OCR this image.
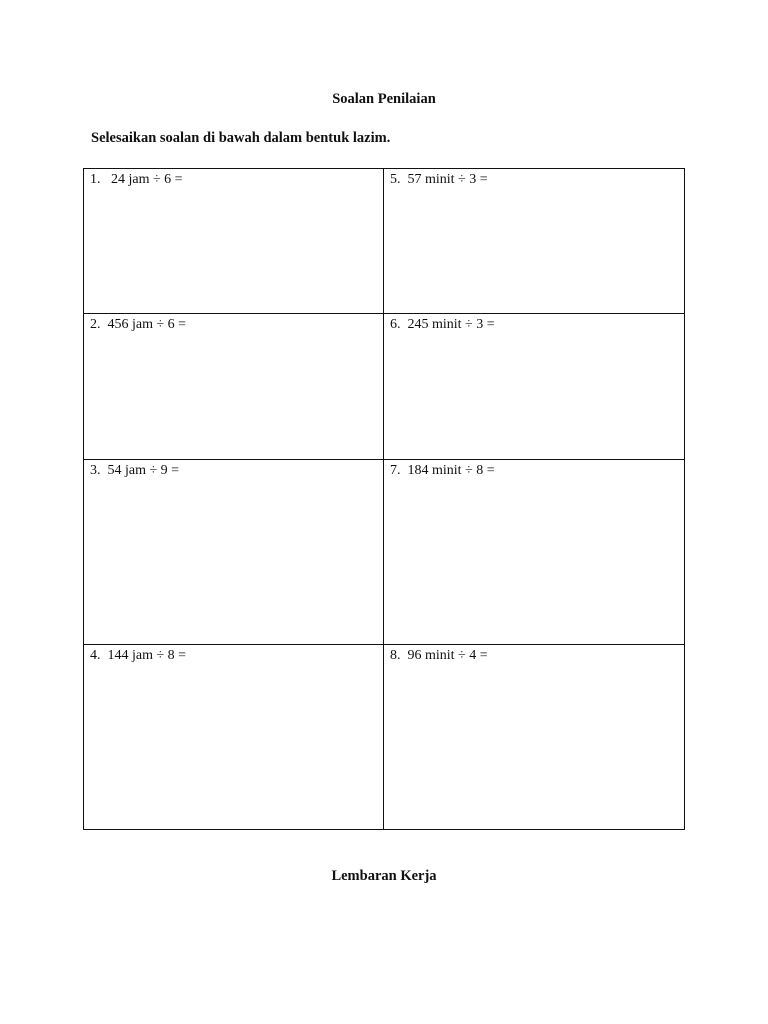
Soalan Penilaian
Selesaikan soalan di bawah dalam bentuk lazim.
1.   24 jam ÷ 6 =	5.  57 minit ÷ 3 =
2.  456 jam ÷ 6 =	6.  245 minit ÷ 3 =
3.  54 jam ÷ 9 =	7.  184 minit ÷ 8 =
4.  144 jam ÷ 8 =	8.  96 minit ÷ 4 =
Lembaran Kerja
